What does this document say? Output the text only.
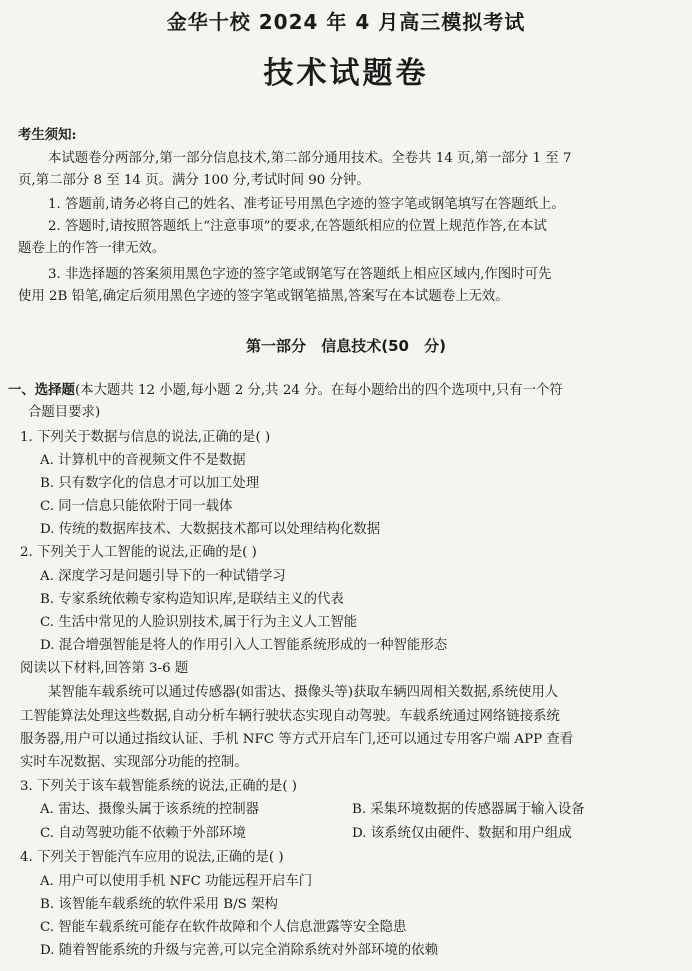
金华十校 2024 年 4 月高三模拟考试
技术试题卷
考生须知:
本试题卷分两部分,第一部分信息技术,第二部分通用技术。全卷共 14 页,第一部分 1 至 7
页,第二部分 8 至 14 页。满分 100 分,考试时间 90 分钟。
1. 答题前,请务必将自己的姓名、准考证号用黑色字迹的签字笔或钢笔填写在答题纸上。
2. 答题时,请按照答题纸上“注意事项”的要求,在答题纸相应的位置上规范作答,在本试
题卷上的作答一律无效。
3. 非选择题的答案须用黑色字迹的签字笔或钢笔写在答题纸上相应区域内,作图时可先
使用 2B 铅笔,确定后须用黑色字迹的签字笔或钢笔描黑,答案写在本试题卷上无效。
第一部分 信息技术(50 分)
一、选择题(本大题共 12 小题,每小题 2 分,共 24 分。在每小题给出的四个选项中,只有一个符
合题目要求)
1. 下列关于数据与信息的说法,正确的是( )
A. 计算机中的音视频文件不是数据
B. 只有数字化的信息才可以加工处理
C. 同一信息只能依附于同一载体
D. 传统的数据库技术、大数据技术都可以处理结构化数据
2. 下列关于人工智能的说法,正确的是( )
A. 深度学习是问题引导下的一种试错学习
B. 专家系统依赖专家构造知识库,是联结主义的代表
C. 生活中常见的人脸识别技术,属于行为主义人工智能
D. 混合增强智能是将人的作用引入人工智能系统形成的一种智能形态
阅读以下材料,回答第 3-6 题
某智能车载系统可以通过传感器(如雷达、摄像头等)获取车辆四周相关数据,系统使用人
工智能算法处理这些数据,自动分析车辆行驶状态实现自动驾驶。车载系统通过网络链接系统
服务器,用户可以通过指纹认证、手机 NFC 等方式开启车门,还可以通过专用客户端 APP 查看
实时车况数据、实现部分功能的控制。
3. 下列关于该车载智能系统的说法,正确的是( )
A. 雷达、摄像头属于该系统的控制器	B. 采集环境数据的传感器属于输入设备
C. 自动驾驶功能不依赖于外部环境	D. 该系统仅由硬件、数据和用户组成
4. 下列关于智能汽车应用的说法,正确的是( )
A. 用户可以使用手机 NFC 功能远程开启车门
B. 该智能车载系统的软件采用 B/S 架构
C. 智能车载系统可能存在软件故障和个人信息泄露等安全隐患
D. 随着智能系统的升级与完善,可以完全消除系统对外部环境的依赖
